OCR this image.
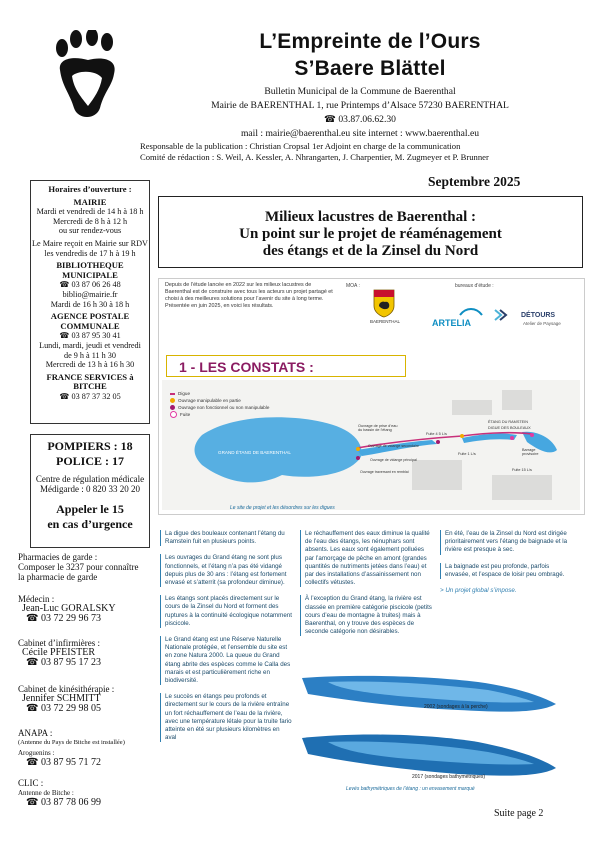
L’Empreinte de l’Ours
S’Baere Blättel
Bulletin Municipal de la Commune de Baerenthal
Mairie de BAERENTHAL 1, rue Printemps d’Alsace 57230 BAERENTHAL
☎ 03.87.06.62.30
mail : mairie@baerenthal.eu site internet : www.baerenthal.eu
Responsable de la publication : Christian Cropsal 1er Adjoint en charge de la communication
Comité de rédaction : S. Weil, A. Kessler, A. Nhrangarten, J. Charpentier, M. Zugmeyer et P. Brunner

Horaires d’ouverture :

MAIRIE

Mardi et vendredi de 14 h à 18 h

Mercredi de 8 h à 12 h

ou sur rendez-vous

Le Maire reçoit en Mairie sur RDV

les vendredis de 17 h à 19 h

BIBLIOTHEQUE MUNICIPALE

☎ 03 87 06 26 48

biblio@mairie.fr

Mardi de 16 h 30 à 18 h

AGENCE POSTALE COMMUNALE

☎ 03 87 95 30 41

Lundi, mardi, jeudi et vendredi

de 9 h à 11 h 30

Mercredi de 13 h à 16 h 30

FRANCE SERVICES à BITCHE

☎ 03 87 37 32 05

POMPIERS : 18
POLICE : 17
Centre de régulation médicale
Médigarde : 0 820 33 20 20
Appeler le 15
en cas d’urgence
Pharmacies de garde :
Composer le 3237 pour connaître
la pharmacie de garde
Médecin :
Jean-Luc GORALSKY
☎ 03 72 29 96 73
Cabinet d’infirmières :
Cécile PFEISTER
☎ 03 87 95 17 23
Cabinet de kinésithérapie :
Jennifer SCHMITT
☎ 03 72 29 98 05
ANAPA :
(Antenne du Pays de Bitche est installée)
Aroguenins :
☎ 03 87 95 71 72
CLIC :
Antenne de Bitche :
☎ 03 87 78 06 99
Septembre 2025
Milieux lacustres de Baerenthal :
Un point sur le projet de réaménagement
des étangs et de la Zinsel du Nord
Depuis de l’étude lancée en 2022 sur les milieux lacustres de Baerenthal est de construire avec tous les acteurs un projet partagé et choisi à des meilleures solutions pour l’avenir du site à long terme. Présentée en juin 2025, en voici les résultats.
MOA :
BAERENTHAL
bureaux d’étude :
ARTELIA
DÉTOURS
Atelier de Paysage
1 - LES CONSTATS :
GRAND ÉTANG DE BAERENTHAL
Ouvrage de prise d’eau du bassin de l’étang
Fuite 4 5 L/s
ÉTANG DU RAMSTEIN
DIGUE DES BOULEAUX
Barrage provisoire
Fuite 1 L/s
Fuite 15 L/s
Ouvrage de vidange secondaire
Ouvrage de vidange principal
Ouvrage traversant en remblai
Digue
Ouvrage manipulable en partie
Ouvrage non fonctionnel ou non manipulable
Fuite
Le site de projet et les désordres sur les digues

La digue des bouleaux contenant l’étang du Ramstein fuit en plusieurs points.

Les ouvrages du Grand étang ne sont plus fonctionnels, et l’étang n’a pas été vidangé depuis plus de 30 ans : l’étang est fortement envasé et s’atterrit (sa profondeur diminue).

Les étangs sont placés directement sur le cours de la Zinsel du Nord et forment des ruptures à la continuité écologique notamment piscicole.

Le Grand étang est une Réserve Naturelle Nationale protégée, et l’ensemble du site est en zone Natura 2000. La queue du Grand étang abrite des espèces comme le Calla des marais et est particulièrement riche en biodiversité.

Le succès en étangs peu profonds et directement sur le cours de la rivière entraîne un fort réchauffement de l’eau de la rivière, avec une température létale pour la truite fario atteinte en été sur plusieurs kilomètres en aval

Le réchauffement des eaux diminue la qualité de l’eau des étangs, les nénuphars sont absents. Les eaux sont également polluées par l’amorçage de pêche en amont (grandes quantités de nutriments jetées dans l’eau) et par des installations d’assainissement non collectifs vétustes.

À l’exception du Grand étang, la rivière est classée en première catégorie piscicole (petits cours d’eau de montagne à truites) mais à Baerenthal, on y trouve des espèces de seconde catégorie non désirables.

En été, l’eau de la Zinsel du Nord est dirigée prioritairement vers l’étang de baignade et la rivière est presque à sec.

La baignade est peu profonde, parfois envasée, et l’espace de loisir peu ombragé.

> Un projet global s’impose.

2002 (sondages à la perche)
2017 (sondages bathymétriques)
Levés bathymétriques de l’étang : un envasement marqué
Suite page 2
